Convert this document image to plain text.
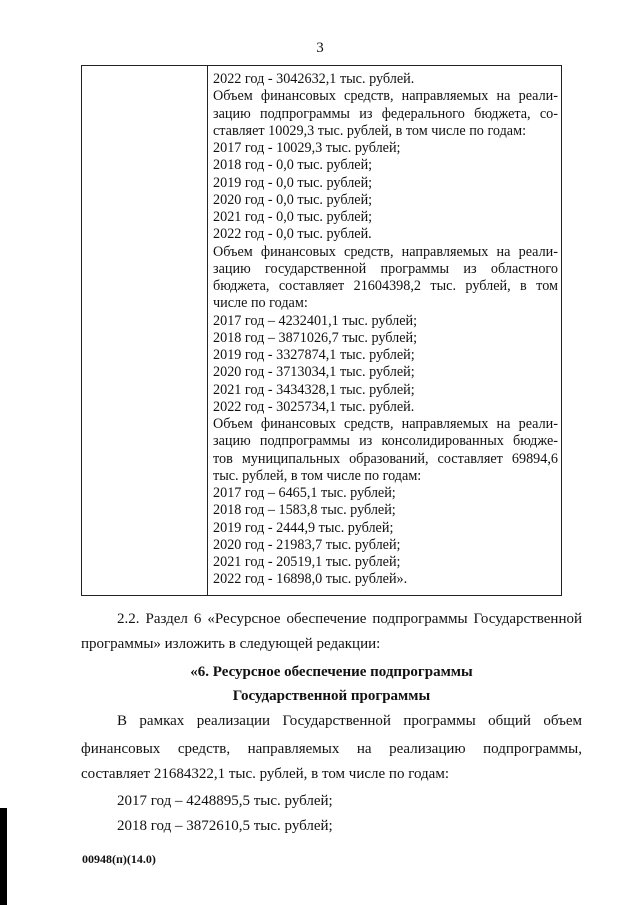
3
2022 год - 3042632,1 тыс. рублей.
Объем финансовых средств, направляемых на реали-
зацию подпрограммы из федерального бюджета, со-
ставляет 10029,3 тыс. рублей, в том числе по годам:
2017 год - 10029,3 тыс. рублей;
2018 год - 0,0 тыс. рублей;
2019 год - 0,0 тыс. рублей;
2020 год - 0,0 тыс. рублей;
2021 год - 0,0 тыс. рублей;
2022 год - 0,0 тыс. рублей.
Объем финансовых средств, направляемых на реали-
зацию государственной программы из областного
бюджета, составляет 21604398,2 тыс. рублей, в том
числе по годам:
2017 год – 4232401,1 тыс. рублей;
2018 год – 3871026,7 тыс. рублей;
2019 год - 3327874,1 тыс. рублей;
2020 год - 3713034,1 тыс. рублей;
2021 год - 3434328,1 тыс. рублей;
2022 год - 3025734,1 тыс. рублей.
Объем финансовых средств, направляемых на реали-
зацию подпрограммы из консолидированных бюдже-
тов муниципальных образований, составляет 69894,6
тыс. рублей, в том числе по годам:
2017 год – 6465,1 тыс. рублей;
2018 год – 1583,8 тыс. рублей;
2019 год - 2444,9 тыс. рублей;
2020 год - 21983,7 тыс. рублей;
2021 год - 20519,1 тыс. рублей;
2022 год - 16898,0 тыс. рублей».
2.2. Раздел 6 «Ресурсное обеспечение подпрограммы Государственной
программы» изложить в следующей редакции:
«6. Ресурсное обеспечение подпрограммы
Государственной программы
В рамках реализации Государственной программы общий объем
финансовых средств, направляемых на реализацию подпрограммы,
составляет 21684322,1 тыс. рублей, в том числе по годам:
2017 год – 4248895,5 тыс. рублей;
2018 год – 3872610,5 тыс. рублей;
00948(п)(14.0)
